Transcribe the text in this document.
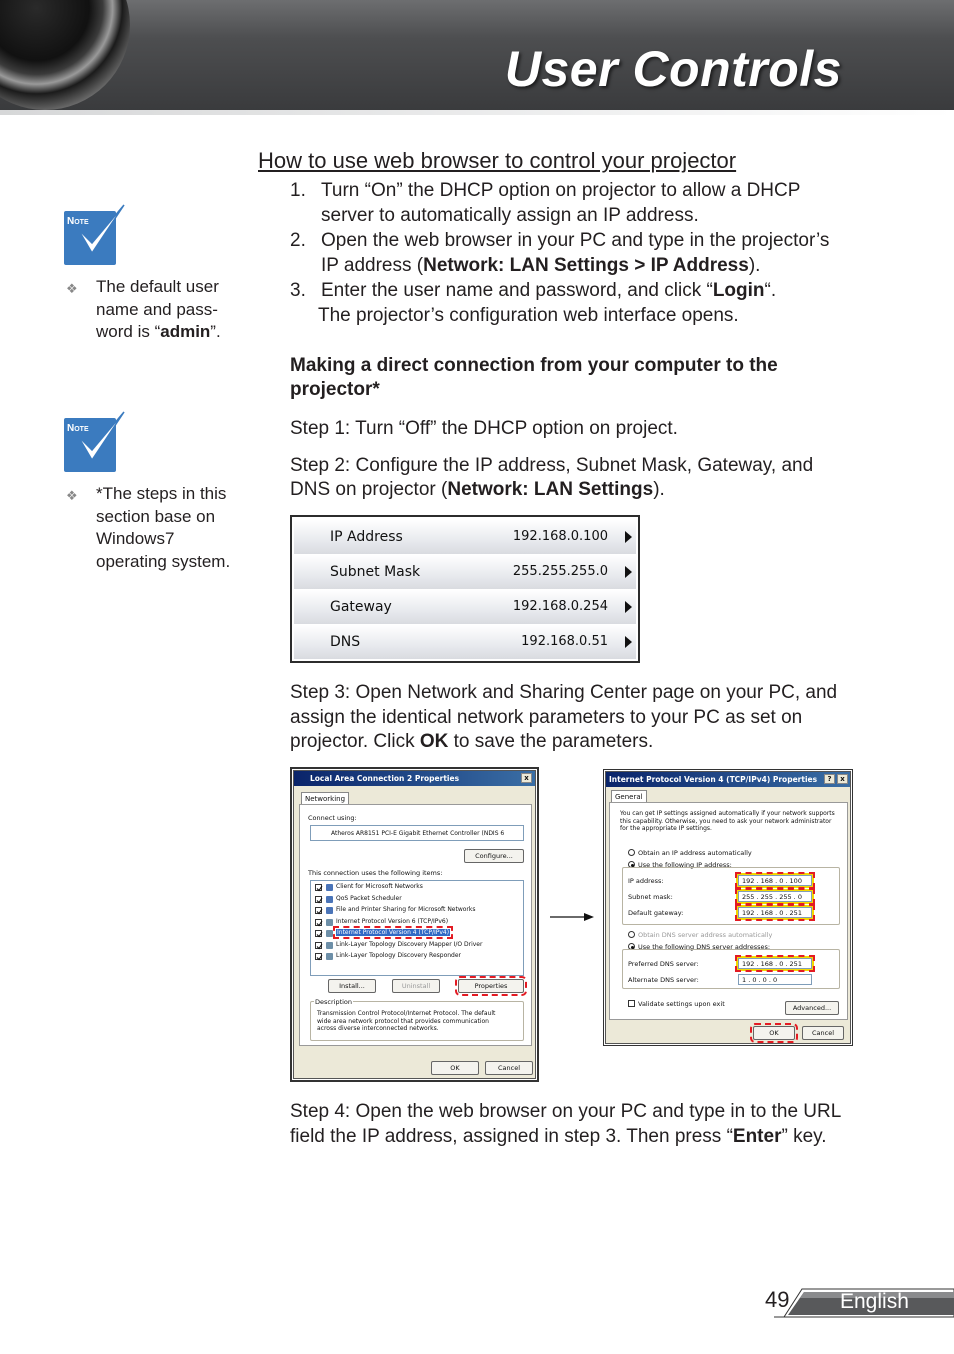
User Controls
NOTE
❖ The default user name and pass-word is “admin”.
NOTE
❖ *The steps in this section base on Windows7 operating system.
How to use web browser to control your projector
1. Turn “On” the DHCP option on projector to allow a DHCP
server to automatically assign an IP address.
2. Open the web browser in your PC and type in the projector’s
IP address (Network: LAN Settings > IP Address).
3. Enter the user name and password, and click “Login“.
The projector’s configuration web interface opens.
Making a direct connection from your computer to the
projector*
Step 1: Turn “Off” the DHCP option on project.
Step 2: Configure the IP address, Subnet Mask, Gateway, and
DNS on projector (Network: LAN Settings).
IP Address	192.168.0.100
Subnet Mask	255.255.255.0
Gateway	192.168.0.254
DNS	192.168.0.51
Step 3: Open Network and Sharing Center page on your PC, and
assign the identical network parameters to your PC as set on
projector. Click OK to save the parameters.
Local Area Connection 2 Properties	x
Networking
Connect using:
Atheros AR8151 PCI-E Gigabit Ethernet Controller (NDIS 6
Configure...
This connection uses the following items:
Install...	Uninstall	Properties
Description
Transmission Control Protocol/Internet Protocol. The default
wide area network protocol that provides communication
across diverse interconnected networks.
Client for Microsoft Networks
QoS Packet Scheduler
File and Printer Sharing for Microsoft Networks
Internet Protocol Version 6 (TCP/IPv6)
Internet Protocol Version 4 (TCP/IPv4)
Link-Layer Topology Discovery Mapper I/O Driver
Link-Layer Topology Discovery Responder
OK	Cancel
Internet Protocol Version 4 (TCP/IPv4) Properties	?	x
General
You can get IP settings assigned automatically if your network supports
this capability. Otherwise, you need to ask your network administrator
for the appropriate IP settings.
Obtain an IP address automatically
Use the following IP address:
IP address:	192 . 168 . 0 . 100
Subnet mask:	255 . 255 . 255 . 0
Default gateway:	192 . 168 . 0 . 251
Obtain DNS server address automatically
Use the following DNS server addresses:
Preferred DNS server:	192 . 168 . 0 . 251
Alternate DNS server:	1 . 0 . 0 . 0
Validate settings upon exit	Advanced...
OK	Cancel
Step 4: Open the web browser on your PC and type in to the URL
field the IP address, assigned in step 3. Then press “Enter” key.
49 English
